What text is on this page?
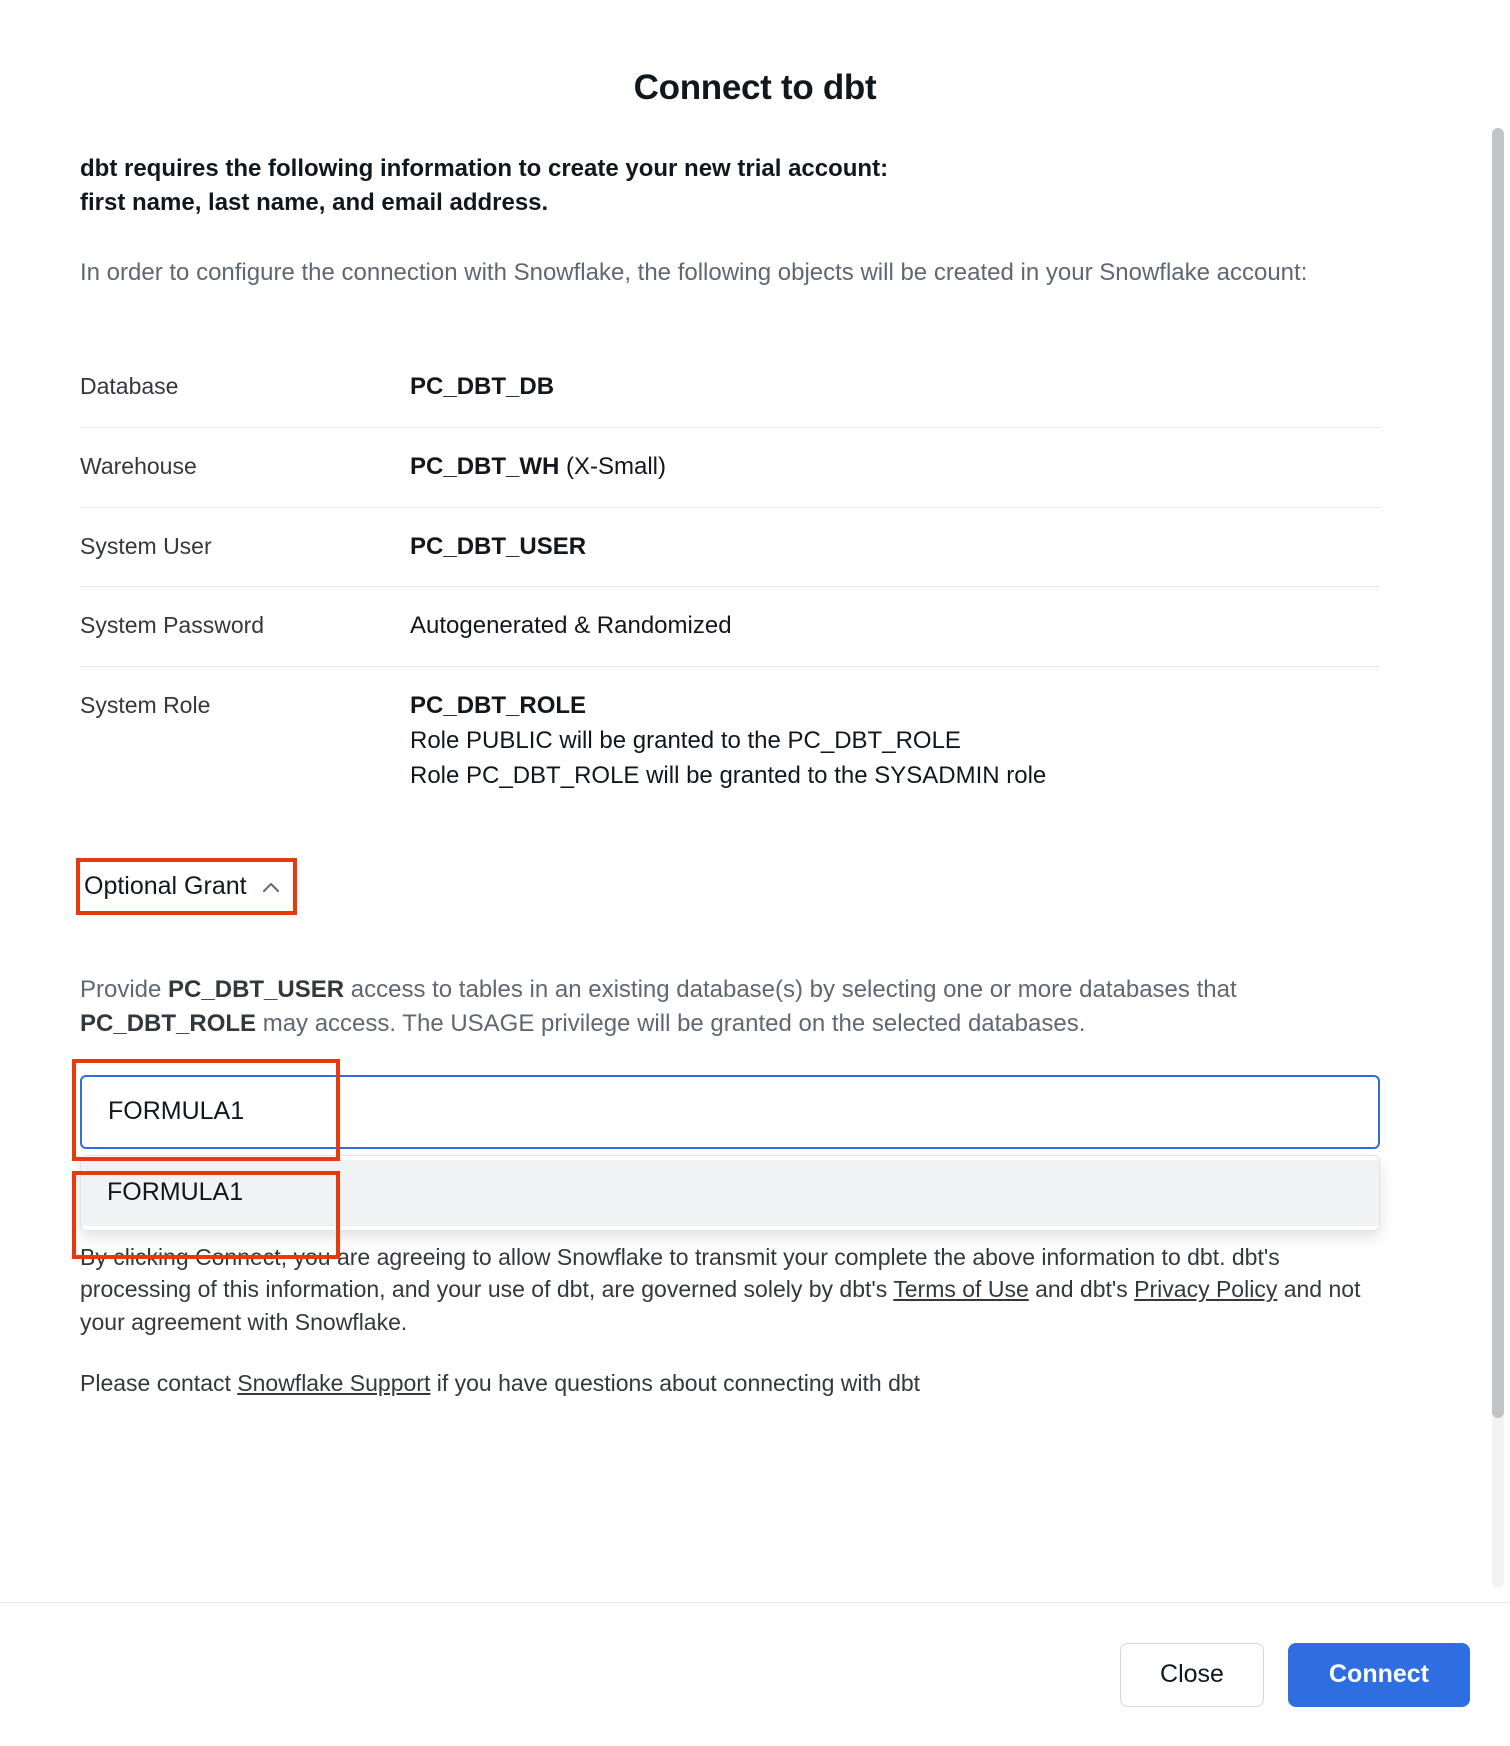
Connect to dbt

dbt requires the following information to create your new trial account:
first name, last name, and email address.

In order to configure the connection with Snowflake, the following objects will be created in your Snowflake account:

Database	PC_DBT_DB
Warehouse	PC_DBT_WH (X-Small)
System User	PC_DBT_USER
System Password	Autogenerated & Randomized
System Role	PC_DBT_ROLE
Role PUBLIC will be granted to the PC_DBT_ROLE
Role PC_DBT_ROLE will be granted to the SYSADMIN role
Optional Grant

Provide PC_DBT_USER access to tables in an existing database(s) by selecting one or more databases that PC_DBT_ROLE may access. The USAGE privilege will be granted on the selected databases.

FORMULA1
FORMULA1

By clicking Connect, you are agreeing to allow Snowflake to transmit your complete the above information to dbt. dbt's processing of this information, and your use of dbt, are governed solely by dbt's Terms of Use and dbt's Privacy Policy and not your agreement with Snowflake.

Please contact Snowflake Support if you have questions about connecting with dbt

Close	Connect
